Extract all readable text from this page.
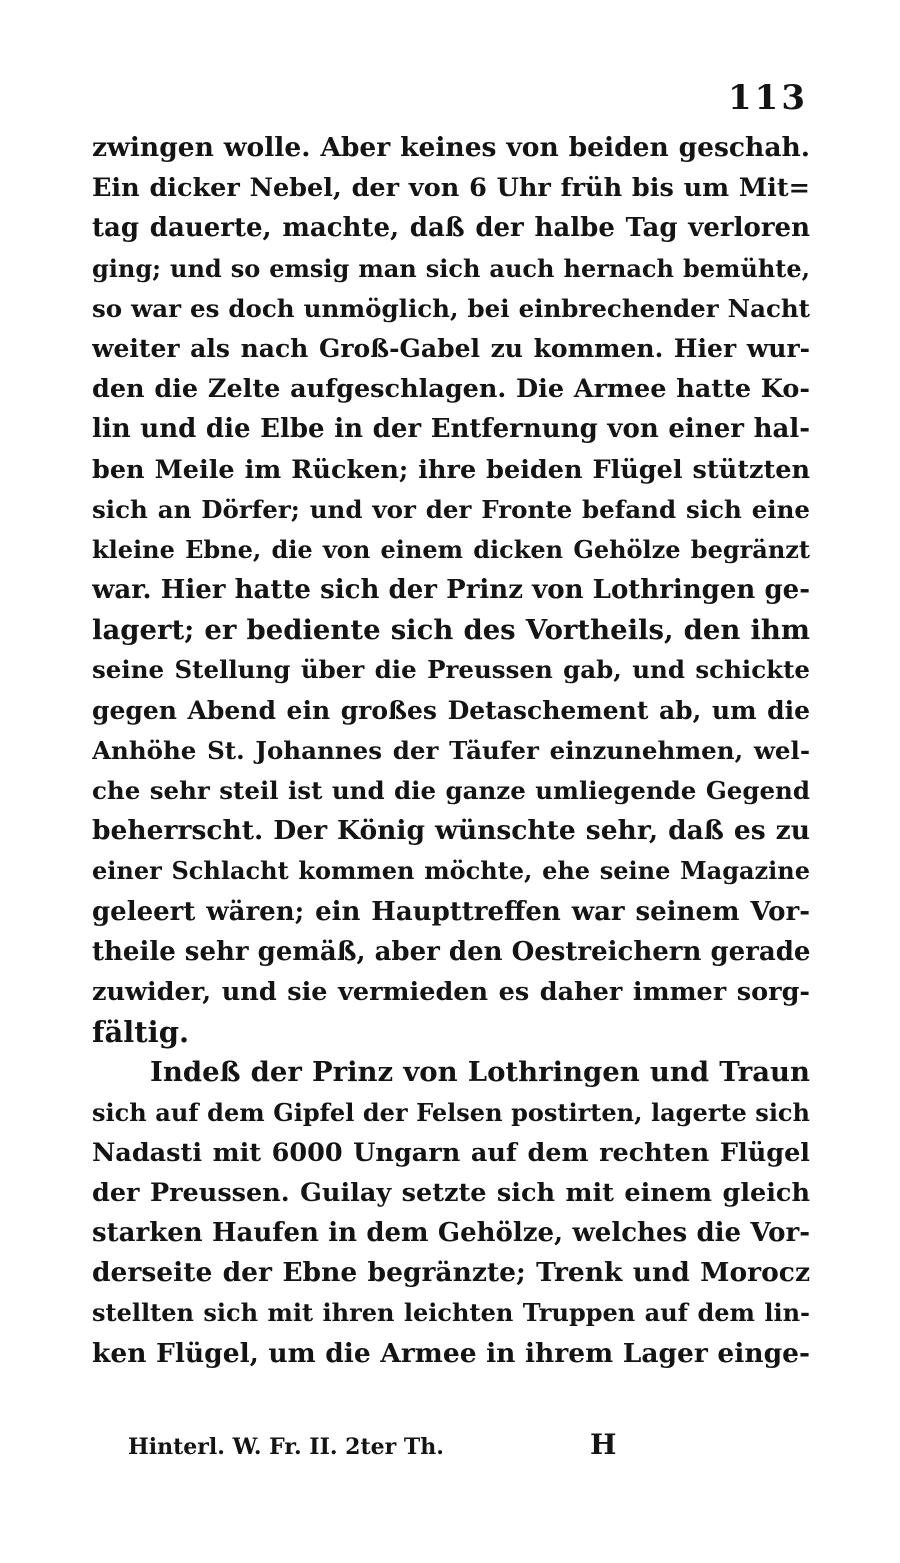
113
zwingen wolle. Aber keines von beiden geschah.
Ein dicker Nebel, der von 6 Uhr früh bis um Mit=
tag dauerte, machte, daß der halbe Tag verloren
ging; und so emsig man sich auch hernach bemühte,
so war es doch unmöglich, bei einbrechender Nacht
weiter als nach Groß-Gabel zu kommen. Hier wur-
den die Zelte aufgeschlagen. Die Armee hatte Ko-
lin und die Elbe in der Entfernung von einer hal-
ben Meile im Rücken; ihre beiden Flügel stützten
sich an Dörfer; und vor der Fronte befand sich eine
kleine Ebne, die von einem dicken Gehölze begränzt
war. Hier hatte sich der Prinz von Lothringen ge-
lagert; er bediente sich des Vortheils, den ihm
seine Stellung über die Preussen gab, und schickte
gegen Abend ein großes Detaschement ab, um die
Anhöhe St. Johannes der Täufer einzunehmen, wel-
che sehr steil ist und die ganze umliegende Gegend
beherrscht. Der König wünschte sehr, daß es zu
einer Schlacht kommen möchte, ehe seine Magazine
geleert wären; ein Haupttreffen war seinem Vor-
theile sehr gemäß, aber den Oestreichern gerade
zuwider, und sie vermieden es daher immer sorg-
fältig.
Indeß der Prinz von Lothringen und Traun
sich auf dem Gipfel der Felsen postirten, lagerte sich
Nadasti mit 6000 Ungarn auf dem rechten Flügel
der Preussen. Guilay setzte sich mit einem gleich
starken Haufen in dem Gehölze, welches die Vor-
derseite der Ebne begränzte; Trenk und Morocz
stellten sich mit ihren leichten Truppen auf dem lin-
ken Flügel, um die Armee in ihrem Lager einge-
Hinterl. W. Fr. II. 2ter Th.	H
